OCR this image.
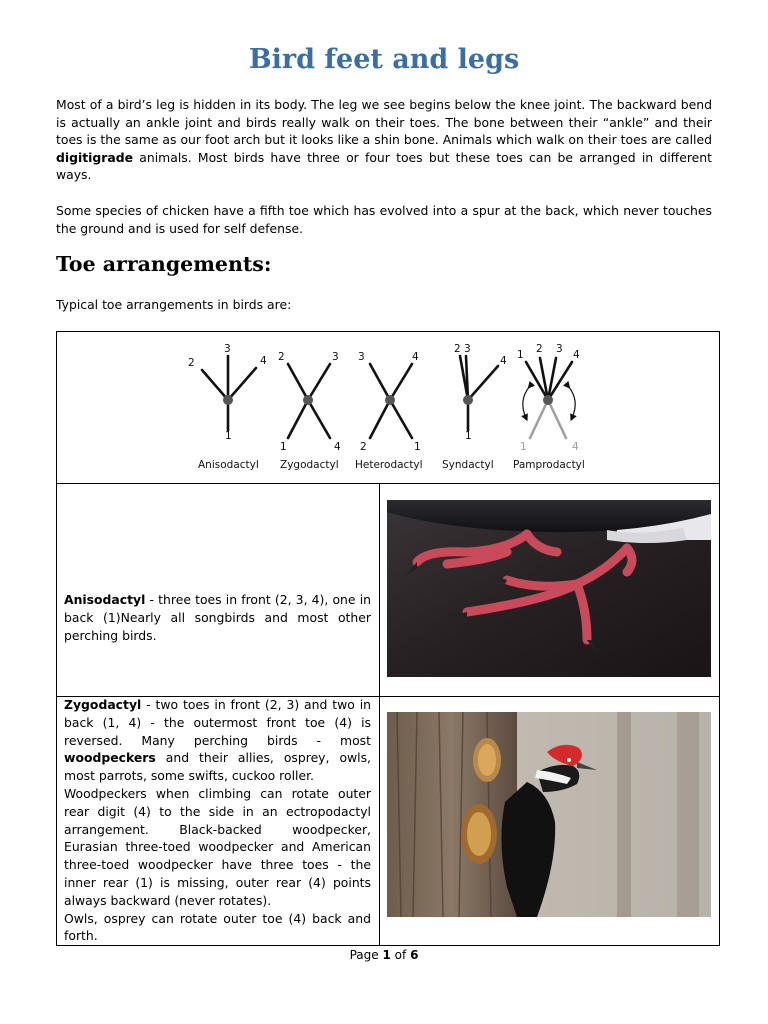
Bird feet and legs

Most of a bird’s leg is hidden in its body. The leg we see begins below the knee joint. The backward bend is actually an ankle joint and birds really walk on their toes. The bone between their “ankle” and their toes is the same as our foot arch but it looks like a shin bone. Animals which walk on their toes are called digitigrade animals. Most birds have three or four toes but these toes can be arranged in different ways.

Some species of chicken have a fifth toe which has evolved into a spur at the back, which never touches the ground and is used for self defense.

Toe arrangements:

Typical toe arrangements in birds are:

3
2	4
1
2	3
1	4
3	4
2	1
2 3
4
1
1 2 3 4
1	4
Anisodactyl Zygodactyl Heterodactyl Syndactyl Pamprodactyl

Anisodactyl - three toes in front (2, 3, 4), one in back (1)Nearly all songbirds and most other perching birds.

Zygodactyl - two toes in front (2, 3) and two in back (1, 4) - the outermost front toe (4) is reversed. Many perching birds - most woodpeckers and their allies, osprey, owls, most parrots, some swifts, cuckoo roller.
Woodpeckers when climbing can rotate outer rear digit (4) to the side in an ectropodactyl arrangement. Black-backed woodpecker, Eurasian three-toed woodpecker and American three-toed woodpecker have three toes - the inner rear (1) is missing, outer rear (4) points always backward (never rotates).
Owls, osprey can rotate outer toe (4) back and forth.

Page 1 of 6
